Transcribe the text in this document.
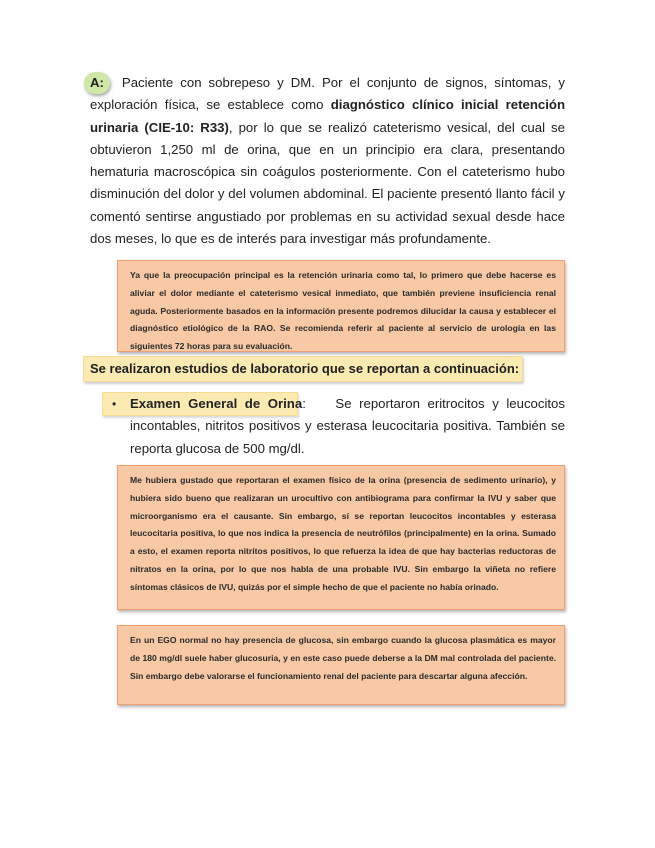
A: Paciente con sobrepeso y DM. Por el conjunto de signos, síntomas, y exploración física, se establece como diagnóstico clínico inicial retención urinaria (CIE-10: R33), por lo que se realizó cateterismo vesical, del cual se obtuvieron 1,250 ml de orina, que en un principio era clara, presentando hematuria macroscópica sin coágulos posteriormente. Con el cateterismo hubo disminución del dolor y del volumen abdominal. El paciente presentó llanto fácil y comentó sentirse angustiado por problemas en su actividad sexual desde hace dos meses, lo que es de interés para investigar más profundamente.

Ya que la preocupación principal es la retención urinaria como tal, lo primero que debe hacerse es aliviar el dolor mediante el cateterismo vesical inmediato, que también previene insuficiencia renal aguda. Posteriormente basados en la información presente podremos dilucidar la causa y establecer el diagnóstico etiológico de la RAO. Se recomienda referir al paciente al servicio de urología en las siguientes 72 horas para su evaluación.
Se realizaron estudios de laboratorio que se reportan a continuación:
• Examen General de Orina: Se reportaron eritrocitos y leucocitos incontables, nitritos positivos y esterasa leucocitaria positiva. También se reporta glucosa de 500 mg/dl.

Me hubiera gustado que reportaran el examen físico de la orina (presencia de sedimento urinario), y hubiera sido bueno que realizaran un urocultivo con antibiograma para confirmar la IVU y saber que microorganismo era el causante. Sin embargo, sí se reportan leucocitos incontables y esterasa leucocitaria positiva, lo que nos indica la presencia de neutrófilos (principalmente) en la orina. Sumado a esto, el examen reporta nitritos positivos, lo que refuerza la idea de que hay bacterias reductoras de nitratos en la orina, por lo que nos habla de una probable IVU. Sin embargo la viñeta no refiere síntomas clásicos de IVU, quizás por el simple hecho de que el paciente no había orinado.
En un EGO normal no hay presencia de glucosa, sin embargo cuando la glucosa plasmática es mayor de 180 mg/dl suele haber glucosuria, y en este caso puede deberse a la DM mal controlada del paciente. Sin embargo debe valorarse el funcionamiento renal del paciente para descartar alguna afección.
